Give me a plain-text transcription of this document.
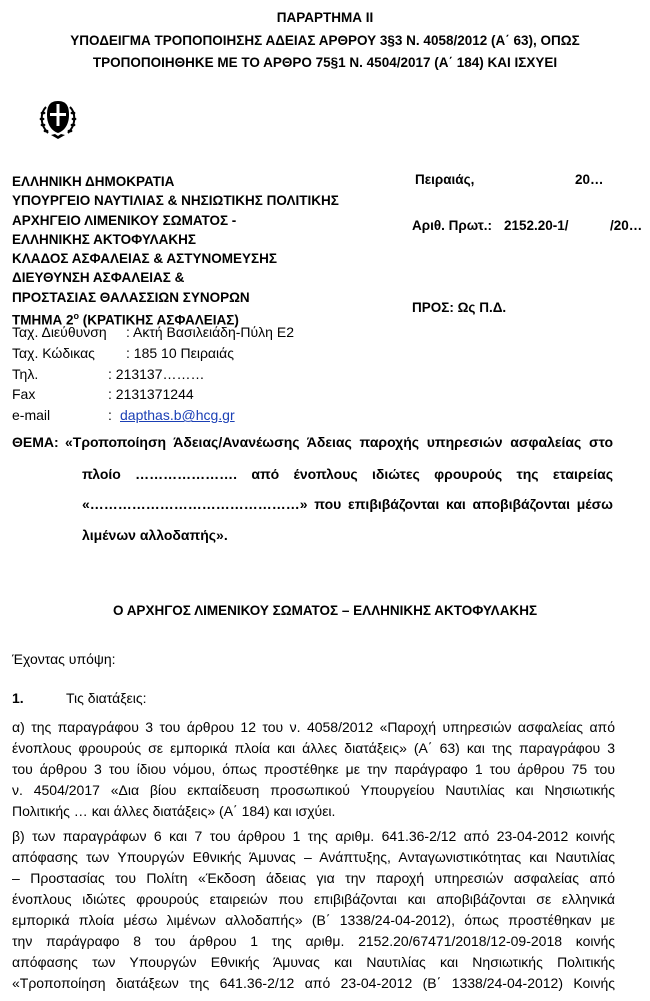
ΠΑΡΑΡΤΗΜΑ ΙΙ
ΥΠΟΔΕΙΓΜΑ ΤΡΟΠΟΠΟΙΗΣΗΣ ΑΔΕΙΑΣ ΑΡΘΡΟΥ 3§3 Ν. 4058/2012 (Α΄ 63), ΟΠΩΣ
ΤΡΟΠΟΠΟΙΗΘΗΚΕ ΜΕ ΤΟ ΑΡΘΡΟ 75§1 Ν. 4504/2017 (Α΄ 184) ΚΑΙ ΙΣΧΥΕΙ
ΕΛΛΗΝΙΚΗ ΔΗΜΟΚΡΑΤΙΑ
ΥΠΟΥΡΓΕΙΟ ΝΑΥΤΙΛΙΑΣ & ΝΗΣΙΩΤΙΚΗΣ ΠΟΛΙΤΙΚΗΣ
ΑΡΧΗΓΕΙΟ ΛΙΜΕΝΙΚΟΥ ΣΩΜΑΤΟΣ -
ΕΛΛΗΝΙΚΗΣ ΑΚΤΟΦΥΛΑΚΗΣ
ΚΛΑΔΟΣ ΑΣΦΑΛΕΙΑΣ & ΑΣΤΥΝΟΜΕΥΣΗΣ
ΔΙΕΥΘΥΝΣΗ ΑΣΦΑΛΕΙΑΣ &
ΠΡΟΣΤΑΣΙΑΣ ΘΑΛΑΣΣΙΩΝ ΣΥΝΟΡΩΝ
ΤΜΗΜΑ $2^o$ (ΚΡΑΤΙΚΗΣ ΑΣΦΑΛΕΙΑΣ)
Ταχ. Διεύθυνση : Ακτή Βασιλειάδη-Πύλη Ε2
Ταχ. Κώδικας : 185 10 Πειραιάς
Τηλ.	: 213137………
Fax	: 2131371244
e-mail	: dapthas.b@hcg.gr
Πειραιάς,	20…
Αριθ. Πρωτ.: 2152.20-1/	/20…
ΠΡΟΣ: Ως Π.Δ.
ΘΕΜΑ: «Τροποποίηση Άδειας/Ανανέωσης Άδειας παροχής υπηρεσιών ασφαλείας στο
πλοίο …………………. από ένοπλους ιδιώτες φρουρούς της εταιρείας
«………………………………………» που επιβιβάζονται και αποβιβάζονται μέσω
λιμένων αλλοδαπής».
Ο ΑΡΧΗΓΟΣ ΛΙΜΕΝΙΚΟΥ ΣΩΜΑΤΟΣ – ΕΛΛΗΝΙΚΗΣ ΑΚΤΟΦΥΛΑΚΗΣ
Έχοντας υπόψη:
1.	Τις διατάξεις:
α) της παραγράφου 3 του άρθρου 12 του ν. 4058/2012 «Παροχή υπηρεσιών ασφαλείας από
ένοπλους φρουρούς σε εμπορικά πλοία και άλλες διατάξεις» (Α΄ 63) και της παραγράφου 3
του άρθρου 3 του ίδιου νόμου, όπως προστέθηκε με την παράγραφο 1 του άρθρου 75 του
ν. 4504/2017 «Δια βίου εκπαίδευση προσωπικού Υπουργείου Ναυτιλίας και Νησιωτικής
Πολιτικής … και άλλες διατάξεις» (Α΄ 184) και ισχύει.
β) των παραγράφων 6 και 7 του άρθρου 1 της αριθμ. 641.36-2/12 από 23-04-2012 κοινής
απόφασης των Υπουργών Εθνικής Άμυνας – Ανάπτυξης, Ανταγωνιστικότητας και Ναυτιλίας
– Προστασίας του Πολίτη «Έκδοση άδειας για την παροχή υπηρεσιών ασφαλείας από
ένοπλους ιδιώτες φρουρούς εταιρειών που επιβιβάζονται και αποβιβάζονται σε ελληνικά
εμπορικά πλοία μέσω λιμένων αλλοδαπής» (Β΄ 1338/24-04-2012), όπως προστέθηκαν με
την παράγραφο 8 του άρθρου 1 της αριθμ. 2152.20/67471/2018/12-09-2018 κοινής
απόφασης των Υπουργών Εθνικής Άμυνας και Ναυτιλίας και Νησιωτικής Πολιτικής
«Τροποποίηση διατάξεων της 641.36-2/12 από 23-04-2012 (Β΄ 1338/24-04-2012) Κοινής
